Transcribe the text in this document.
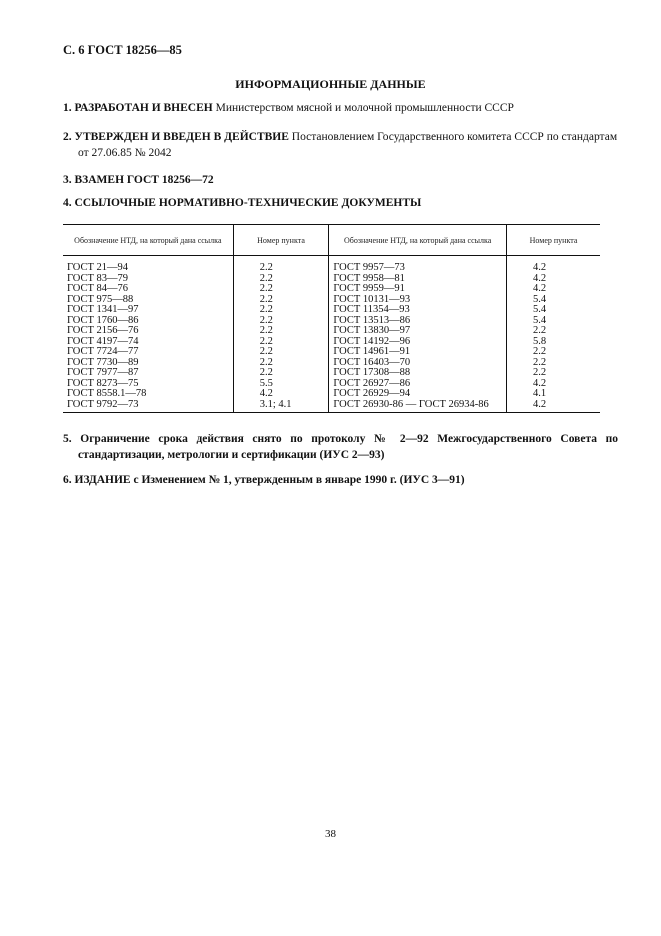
С. 6 ГОСТ 18256—85
ИНФОРМАЦИОННЫЕ ДАННЫЕ
1. РАЗРАБОТАН И ВНЕСЕН Министерством мясной и молочной промышленности СССР
2. УТВЕРЖДЕН И ВВЕДЕН В ДЕЙСТВИЕ Постановлением Государственного комитета СССР по стандартам от 27.06.85 № 2042
3. ВЗАМЕН ГОСТ 18256—72
4. ССЫЛОЧНЫЕ НОРМАТИВНО-ТЕХНИЧЕСКИЕ ДОКУМЕНТЫ
Обозначение НТД, на который дана ссылка	Номер пункта	Обозначение НТД, на который дана ссылка	Номер пункта
ГОСТ 21—94	2.2	ГОСТ 9957—73	4.2
ГОСТ 83—79	2.2	ГОСТ 9958—81	4.2
ГОСТ 84—76	2.2	ГОСТ 9959—91	4.2
ГОСТ 975—88	2.2	ГОСТ 10131—93	5.4
ГОСТ 1341—97	2.2	ГОСТ 11354—93	5.4
ГОСТ 1760—86	2.2	ГОСТ 13513—86	5.4
ГОСТ 2156—76	2.2	ГОСТ 13830—97	2.2
ГОСТ 4197—74	2.2	ГОСТ 14192—96	5.8
ГОСТ 7724—77	2.2	ГОСТ 14961—91	2.2
ГОСТ 7730—89	2.2	ГОСТ 16403—70	2.2
ГОСТ 7977—87	2.2	ГОСТ 17308—88	2.2
ГОСТ 8273—75	5.5	ГОСТ 26927—86	4.2
ГОСТ 8558.1—78	4.2	ГОСТ 26929—94	4.1
ГОСТ 9792—73	3.1; 4.1	ГОСТ 26930-86 — ГОСТ 26934-86	4.2
5. Ограничение срока действия снято по протоколу № 2—92 Межгосударственного Совета по стандартизации, метрологии и сертификации (ИУС 2—93)
6. ИЗДАНИЕ с Изменением № 1, утвержденным в январе 1990 г. (ИУС 3—91)
38
